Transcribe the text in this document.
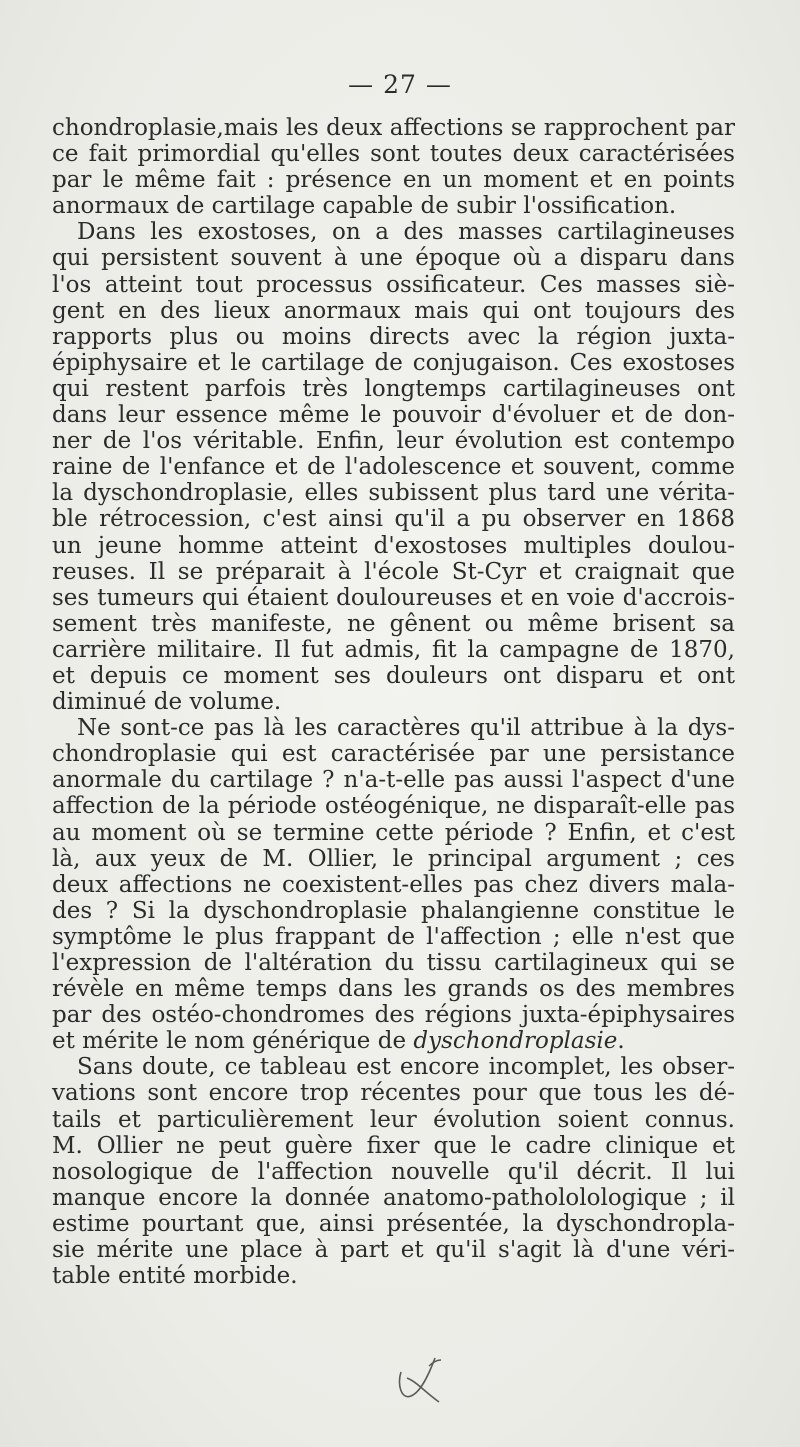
— 27 —
chondroplasie,mais les deux affections se rapprochent par
ce fait primordial qu'elles sont toutes deux caractérisées
par le même fait : présence en un moment et en points
anormaux de cartilage capable de subir l'ossification.
Dans les exostoses, on a des masses cartilagineuses
qui persistent souvent à une époque où a disparu dans
l'os atteint tout processus ossificateur. Ces masses siè-
gent en des lieux anormaux mais qui ont toujours des
rapports plus ou moins directs avec la région juxta-
épiphysaire et le cartilage de conjugaison. Ces exostoses
qui restent parfois très longtemps cartilagineuses ont
dans leur essence même le pouvoir d'évoluer et de don-
ner de l'os véritable. Enfin, leur évolution est contempo
raine de l'enfance et de l'adolescence et souvent, comme
la dyschondroplasie, elles subissent plus tard une vérita-
ble rétrocession, c'est ainsi qu'il a pu observer en 1868
un jeune homme atteint d'exostoses multiples doulou-
reuses. Il se préparait à l'école St-Cyr et craignait que
ses tumeurs qui étaient douloureuses et en voie d'accrois-
sement très manifeste, ne gênent ou même brisent sa
carrière militaire. Il fut admis, fit la campagne de 1870,
et depuis ce moment ses douleurs ont disparu et ont
diminué de volume.
Ne sont-ce pas là les caractères qu'il attribue à la dys-
chondroplasie qui est caractérisée par une persistance
anormale du cartilage ? n'a-t-elle pas aussi l'aspect d'une
affection de la période ostéogénique, ne disparaît-elle pas
au moment où se termine cette période ? Enfin, et c'est
là, aux yeux de M. Ollier, le principal argument ; ces
deux affections ne coexistent-elles pas chez divers mala-
des ? Si la dyschondroplasie phalangienne constitue le
symptôme le plus frappant de l'affection ; elle n'est que
l'expression de l'altération du tissu cartilagineux qui se
révèle en même temps dans les grands os des membres
par des ostéo-chondromes des régions juxta-épiphysaires
et mérite le nom générique de dyschondroplasie.
Sans doute, ce tableau est encore incomplet, les obser-
vations sont encore trop récentes pour que tous les dé-
tails et particulièrement leur évolution soient connus.
M. Ollier ne peut guère fixer que le cadre clinique et
nosologique de l'affection nouvelle qu'il décrit. Il lui
manque encore la donnée anatomo-pathololologique ; il
estime pourtant que, ainsi présentée, la dyschondropla-
sie mérite une place à part et qu'il s'agit là d'une véri-
table entité morbide.
